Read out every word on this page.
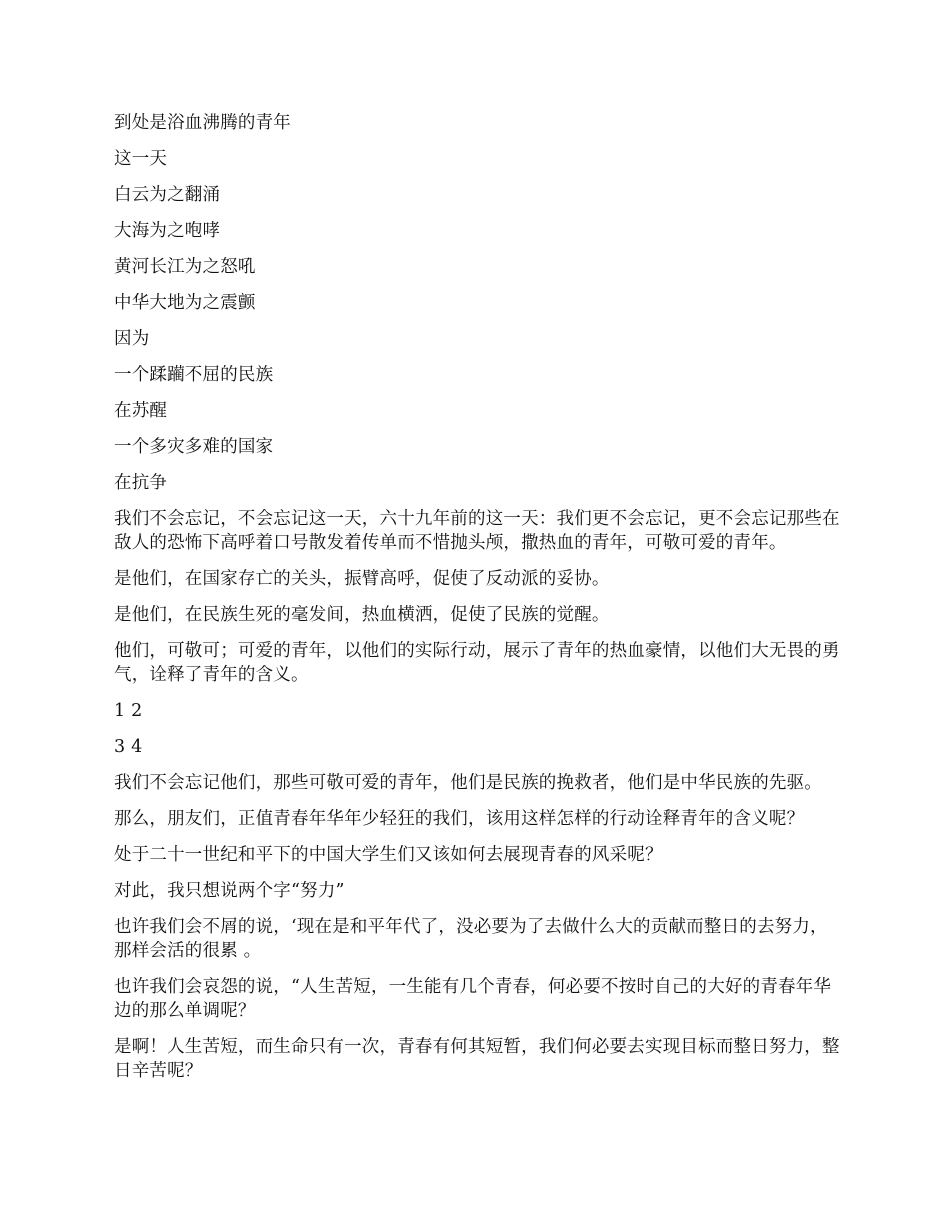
到处是浴血沸腾的青年

这一天

白云为之翻涌

大海为之咆哮

黄河长江为之怒吼

中华大地为之震颤

因为

一个蹂躏不屈的民族

在苏醒

一个多灾多难的国家

在抗争

我们不会忘记，不会忘记这一天，六十九年前的这一天：我们更不会忘记，更不会忘记那些在敌人的恐怖下高呼着口号散发着传单而不惜抛头颅，撒热血的青年，可敬可爱的青年。

是他们，在国家存亡的关头，振臂高呼，促使了反动派的妥协。

是他们，在民族生死的毫发间，热血横洒，促使了民族的觉醒。

他们，可敬可；可爱的青年，以他们的实际行动，展示了青年的热血豪情，以他们大无畏的勇气，诠释了青年的含义。

1 2

3 4

我们不会忘记他们，那些可敬可爱的青年，他们是民族的挽救者，他们是中华民族的先驱。

那么，朋友们，正值青春年华年少轻狂的我们，该用这样怎样的行动诠释青年的含义呢？

处于二十一世纪和平下的中国大学生们又该如何去展现青春的风采呢？

对此，我只想说两个字“努力”

也许我们会不屑的说，‘现在是和平年代了，没必要为了去做什么大的贡献而整日的去努力，那样会活的很累 。

也许我们会哀怨的说，“人生苦短，一生能有几个青春，何必要不按时自己的大好的青春年华边的那么单调呢？

是啊！人生苦短，而生命只有一次，青春有何其短暂，我们何必要去实现目标而整日努力，整日辛苦呢？
